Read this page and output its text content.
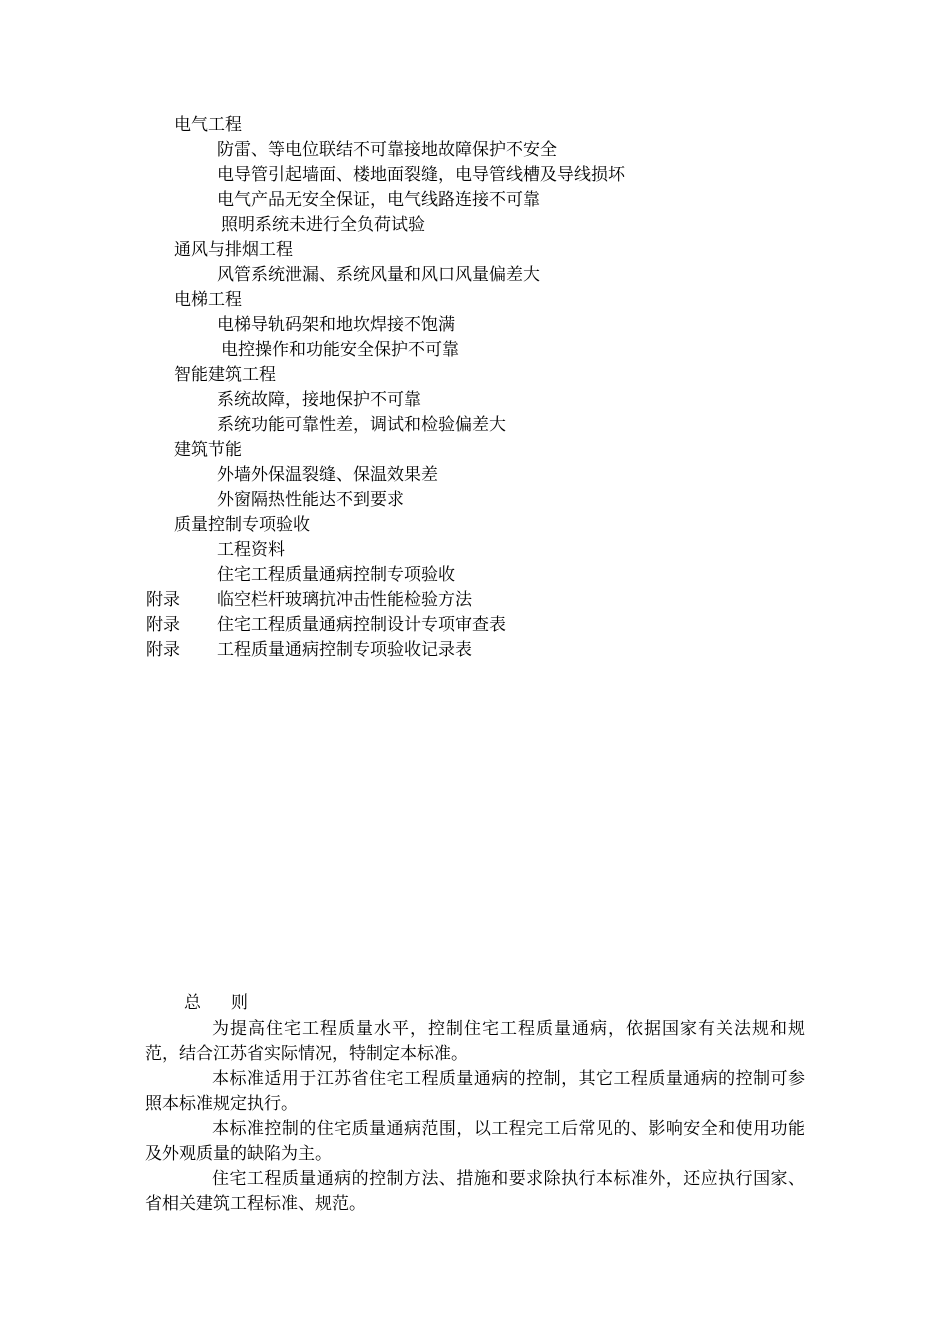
电气工程
防雷、等电位联结不可靠接地故障保护不安全
电导管引起墙面、楼地面裂缝，电导管线槽及导线损坏
电气产品无安全保证，电气线路连接不可靠
照明系统未进行全负荷试验
通风与排烟工程
风管系统泄漏、系统风量和风口风量偏差大
电梯工程
电梯导轨码架和地坎焊接不饱满
电控操作和功能安全保护不可靠
智能建筑工程
系统故障，接地保护不可靠
系统功能可靠性差，调试和检验偏差大
建筑节能
外墙外保温裂缝、保温效果差
外窗隔热性能达不到要求
质量控制专项验收
工程资料
住宅工程质量通病控制专项验收
附录 临空栏杆玻璃抗冲击性能检验方法
附录 住宅工程质量通病控制设计专项审查表
附录 工程质量通病控制专项验收记录表
总 则

为提高住宅工程质量水平，控制住宅工程质量通病，依据国家有关法规和规范，结合江苏省实际情况，特制定本标准。

本标准适用于江苏省住宅工程质量通病的控制，其它工程质量通病的控制可参照本标准规定执行。

本标准控制的住宅质量通病范围，以工程完工后常见的、影响安全和使用功能及外观质量的缺陷为主。

住宅工程质量通病的控制方法、措施和要求除执行本标准外，还应执行国家、省相关建筑工程标准、规范。
